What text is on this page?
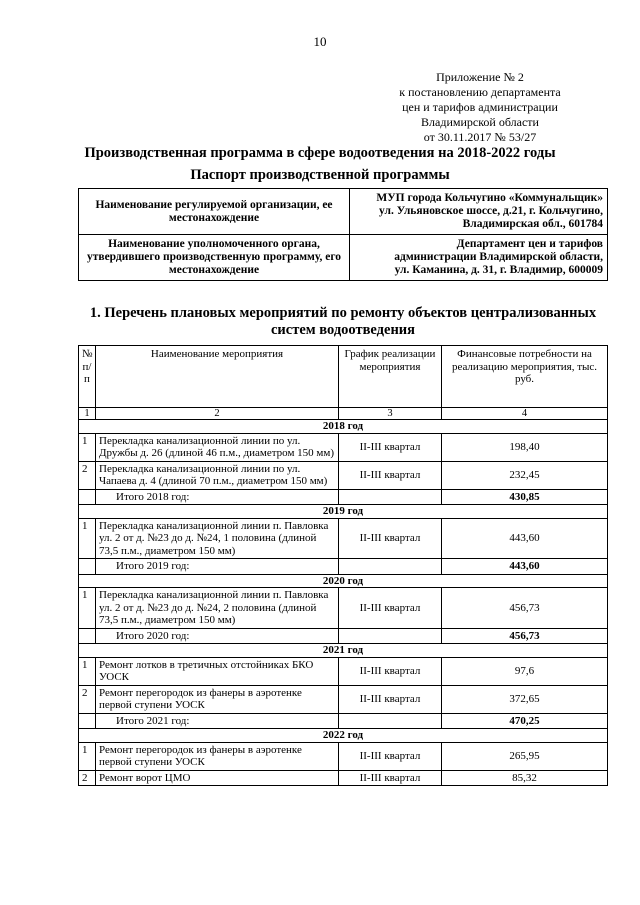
10
Приложение № 2
к постановлению департамента
цен и тарифов администрации
Владимирской области
от 30.11.2017 № 53/27
Производственная программа в сфере водоотведения на 2018-2022 годы
Паспорт производственной программы
Наименование регулируемой организации, ее местонахождение	МУП города Кольчугино «Коммунальщик»
ул. Ульяновское шоссе, д.21, г. Кольчугино,
Владимирская обл., 601784

Наименование уполномоченного органа, утвердившего производственную программу, его местонахождение	Департамент цен и тарифов
администрации Владимирской области,
ул. Каманина, д. 31, г. Владимир, 600009
1. Перечень плановых мероприятий по ремонту объектов централизованных систем водоотведения
№ п/п	Наименование мероприятия	График реализации мероприятия	Финансовые потребности на реализацию мероприятия, тыс. руб.
1	2	3	4
2018 год			
1	Перекладка канализационной линии по ул. Дружбы д. 26 (длиной 46 п.м., диаметром 150 мм)	II-III квартал	198,40
2	Перекладка канализационной линии по ул. Чапаева д. 4 (длиной 70 п.м., диаметром 150 мм)	II-III квартал	232,45
	Итого 2018 год:		430,85
2019 год			
1	Перекладка канализационной линии п. Павловка ул. 2 от д. №23 до д. №24, 1 половина (длиной 73,5 п.м., диаметром 150 мм)	II-III квартал	443,60
	Итого 2019 год:		443,60
2020 год			
1	Перекладка канализационной линии п. Павловка ул. 2 от д. №23 до д. №24, 2 половина (длиной 73,5 п.м., диаметром 150 мм)	II-III квартал	456,73
	Итого 2020 год:		456,73
2021 год			
1	Ремонт лотков в третичных отстойниках БКО УОСК	II-III квартал	97,6
2	Ремонт перегородок из фанеры в аэротенке первой ступени УОСК	II-III квартал	372,65
	Итого 2021 год:		470,25
2022 год			
1	Ремонт перегородок из фанеры в аэротенке первой ступени УОСК	II-III квартал	265,95
2	Ремонт ворот ЦМО	II-III квартал	85,32
